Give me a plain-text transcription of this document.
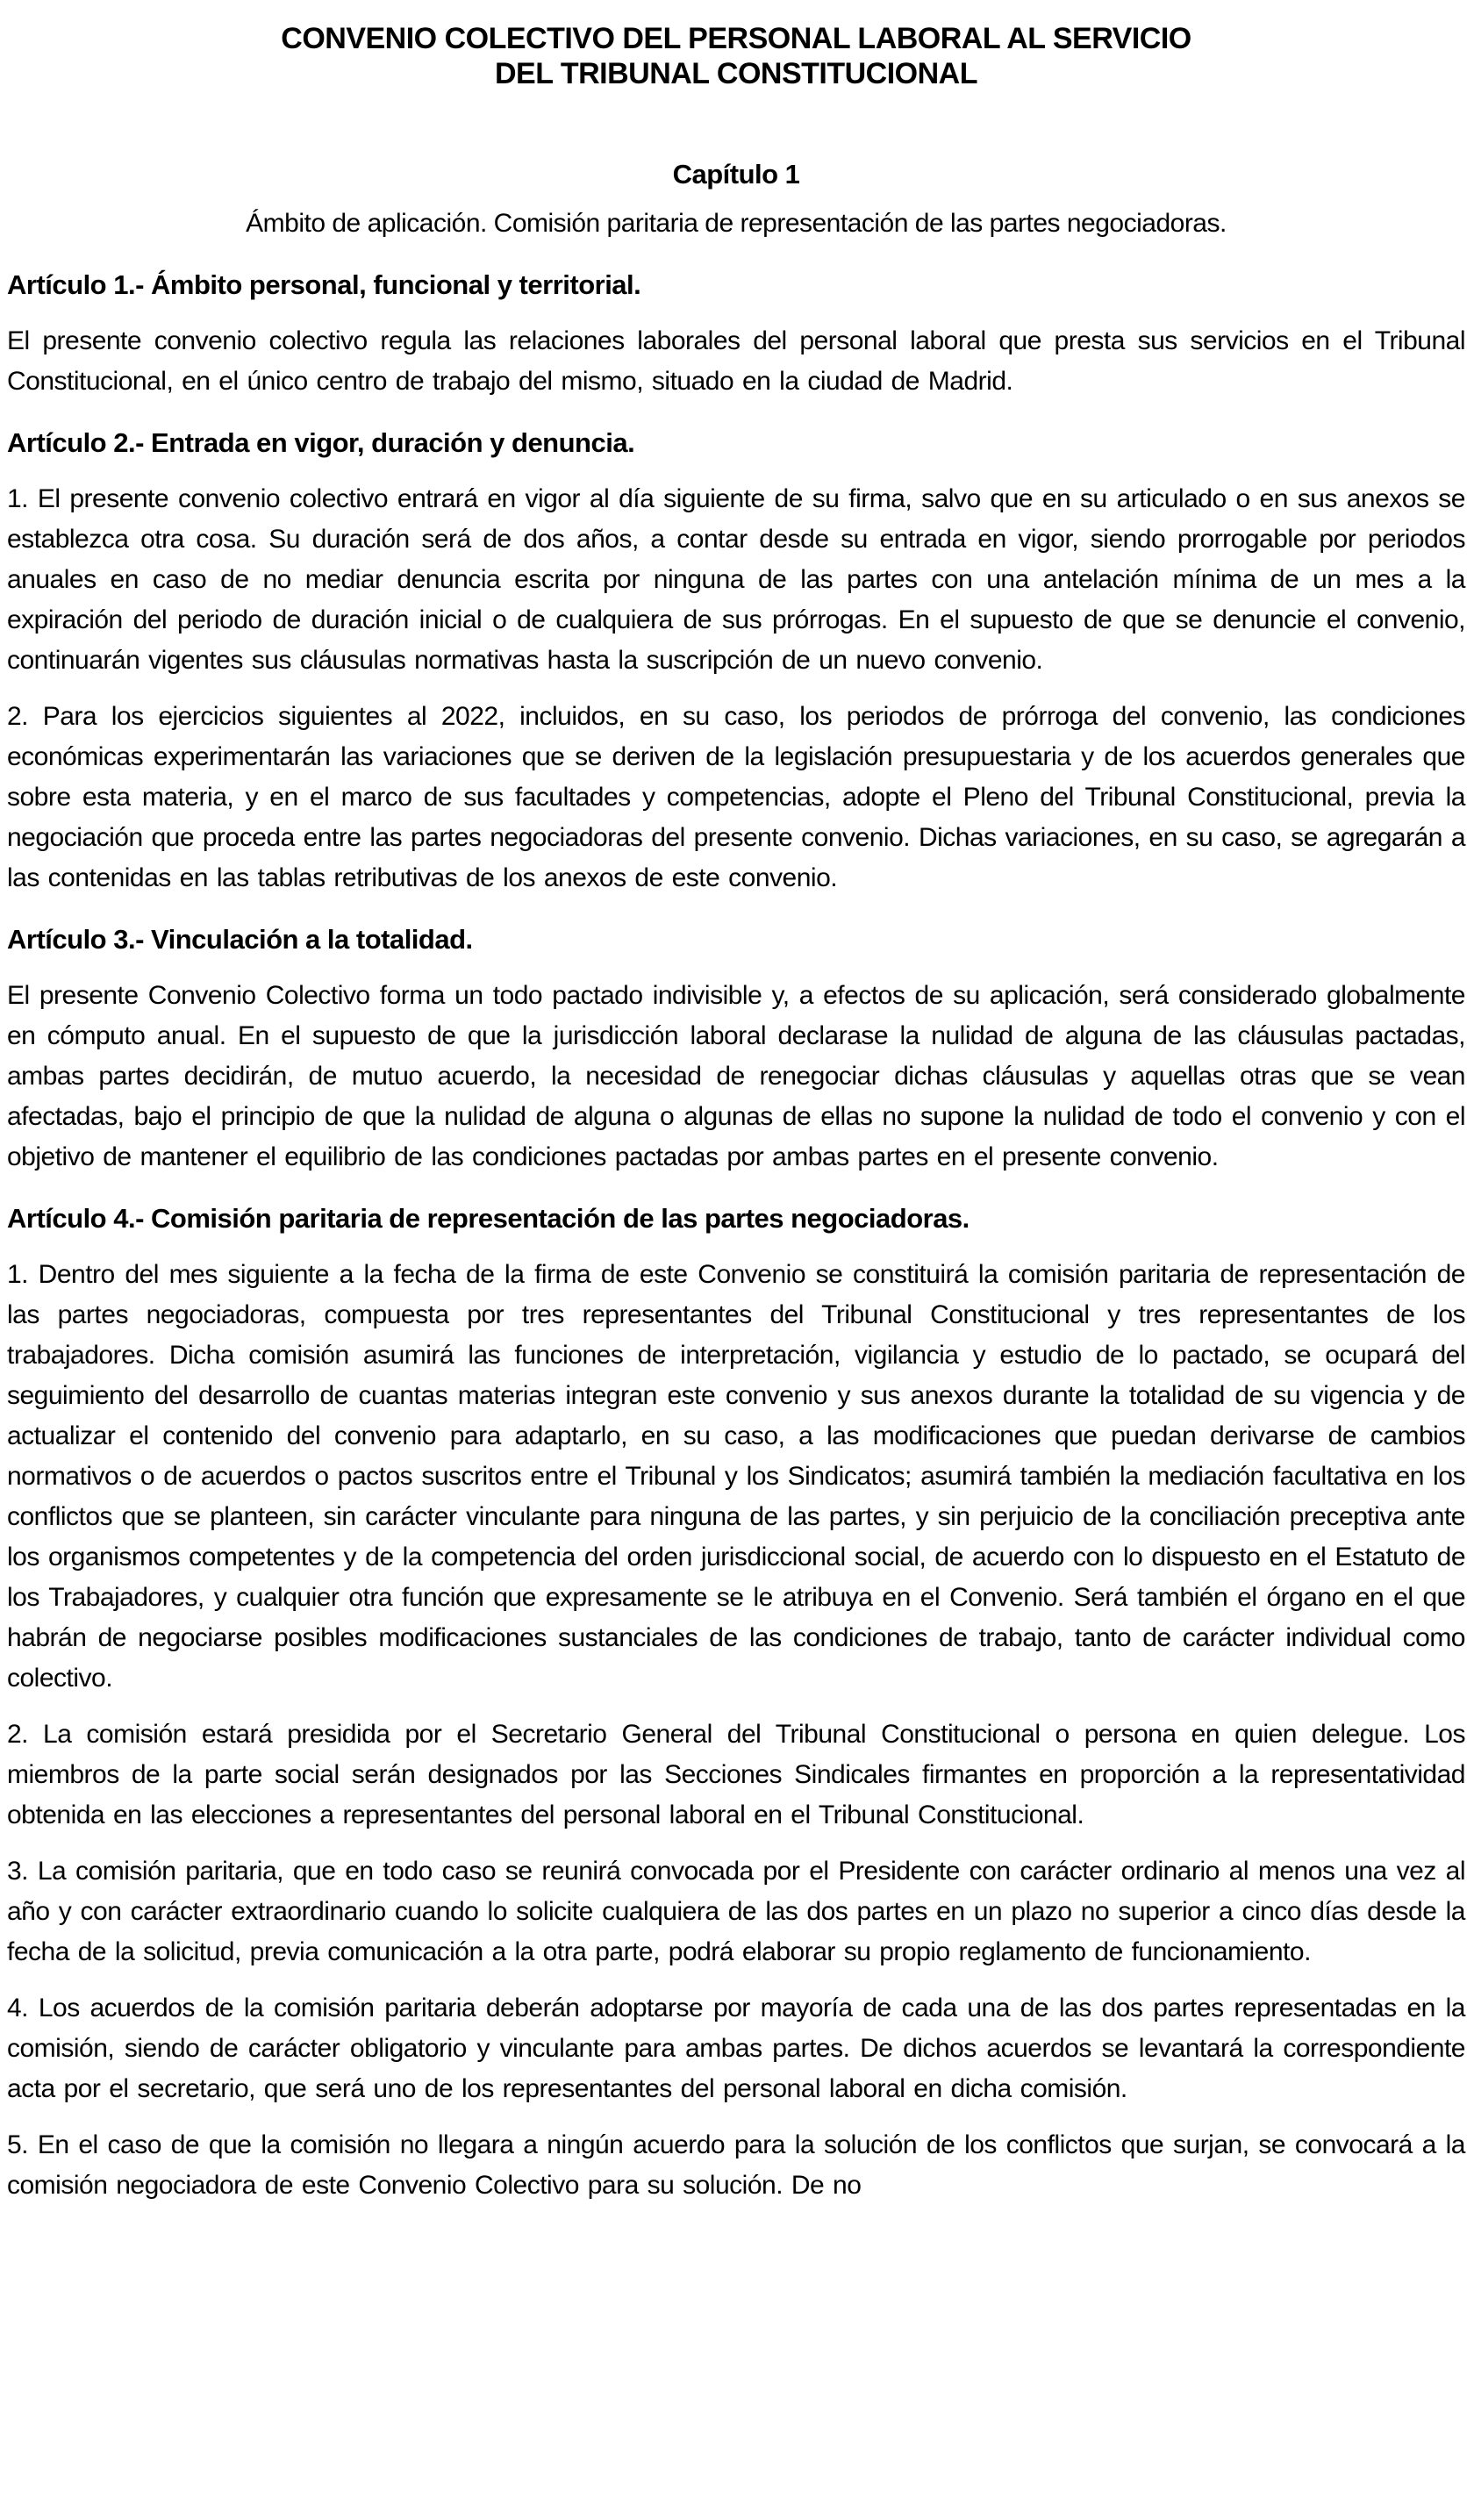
CONVENIO COLECTIVO DEL PERSONAL LABORAL AL SERVICIO
DEL TRIBUNAL CONSTITUCIONAL
Capítulo 1

Ámbito de aplicación. Comisión paritaria de representación de las partes negociadoras.

Artículo 1.- Ámbito personal, funcional y territorial.

El presente convenio colectivo regula las relaciones laborales del personal laboral que presta sus servicios en el Tribunal Constitucional, en el único centro de trabajo del mismo, situado en la ciudad de Madrid.

Artículo 2.- Entrada en vigor, duración y denuncia.

1. El presente convenio colectivo entrará en vigor al día siguiente de su firma, salvo que en su articulado o en sus anexos se establezca otra cosa. Su duración será de dos años, a contar desde su entrada en vigor, siendo prorrogable por periodos anuales en caso de no mediar denuncia escrita por ninguna de las partes con una antelación mínima de un mes a la expiración del periodo de duración inicial o de cualquiera de sus prórrogas. En el supuesto de que se denuncie el convenio, continuarán vigentes sus cláusulas normativas hasta la suscripción de un nuevo convenio.

2. Para los ejercicios siguientes al 2022, incluidos, en su caso, los periodos de prórroga del convenio, las condiciones económicas experimentarán las variaciones que se deriven de la legislación presupuestaria y de los acuerdos generales que sobre esta materia, y en el marco de sus facultades y competencias, adopte el Pleno del Tribunal Constitucional, previa la negociación que proceda entre las partes negociadoras del presente convenio. Dichas variaciones, en su caso, se agregarán a las contenidas en las tablas retributivas de los anexos de este convenio.

Artículo 3.- Vinculación a la totalidad.

El presente Convenio Colectivo forma un todo pactado indivisible y, a efectos de su aplicación, será considerado globalmente en cómputo anual. En el supuesto de que la jurisdicción laboral declarase la nulidad de alguna de las cláusulas pactadas, ambas partes decidirán, de mutuo acuerdo, la necesidad de renegociar dichas cláusulas y aquellas otras que se vean afectadas, bajo el principio de que la nulidad de alguna o algunas de ellas no supone la nulidad de todo el convenio y con el objetivo de mantener el equilibrio de las condiciones pactadas por ambas partes en el presente convenio.

Artículo 4.- Comisión paritaria de representación de las partes negociadoras.

1. Dentro del mes siguiente a la fecha de la firma de este Convenio se constituirá la comisión paritaria de representación de las partes negociadoras, compuesta por tres representantes del Tribunal Constitucional y tres representantes de los trabajadores. Dicha comisión asumirá las funciones de interpretación, vigilancia y estudio de lo pactado, se ocupará del seguimiento del desarrollo de cuantas materias integran este convenio y sus anexos durante la totalidad de su vigencia y de actualizar el contenido del convenio para adaptarlo, en su caso, a las modificaciones que puedan derivarse de cambios normativos o de acuerdos o pactos suscritos entre el Tribunal y los Sindicatos; asumirá también la mediación facultativa en los conflictos que se planteen, sin carácter vinculante para ninguna de las partes, y sin perjuicio de la conciliación preceptiva ante los organismos competentes y de la competencia del orden jurisdiccional social, de acuerdo con lo dispuesto en el Estatuto de los Trabajadores, y cualquier otra función que expresamente se le atribuya en el Convenio. Será también el órgano en el que habrán de negociarse posibles modificaciones sustanciales de las condiciones de trabajo, tanto de carácter individual como colectivo.

2. La comisión estará presidida por el Secretario General del Tribunal Constitucional o persona en quien delegue. Los miembros de la parte social serán designados por las Secciones Sindicales firmantes en proporción a la representatividad obtenida en las elecciones a representantes del personal laboral en el Tribunal Constitucional.

3. La comisión paritaria, que en todo caso se reunirá convocada por el Presidente con carácter ordinario al menos una vez al año y con carácter extraordinario cuando lo solicite cualquiera de las dos partes en un plazo no superior a cinco días desde la fecha de la solicitud, previa comunicación a la otra parte, podrá elaborar su propio reglamento de funcionamiento.

4. Los acuerdos de la comisión paritaria deberán adoptarse por mayoría de cada una de las dos partes representadas en la comisión, siendo de carácter obligatorio y vinculante para ambas partes. De dichos acuerdos se levantará la correspondiente acta por el secretario, que será uno de los representantes del personal laboral en dicha comisión.

5. En el caso de que la comisión no llegara a ningún acuerdo para la solución de los conflictos que surjan, se convocará a la comisión negociadora de este Convenio Colectivo para su solución. De no
